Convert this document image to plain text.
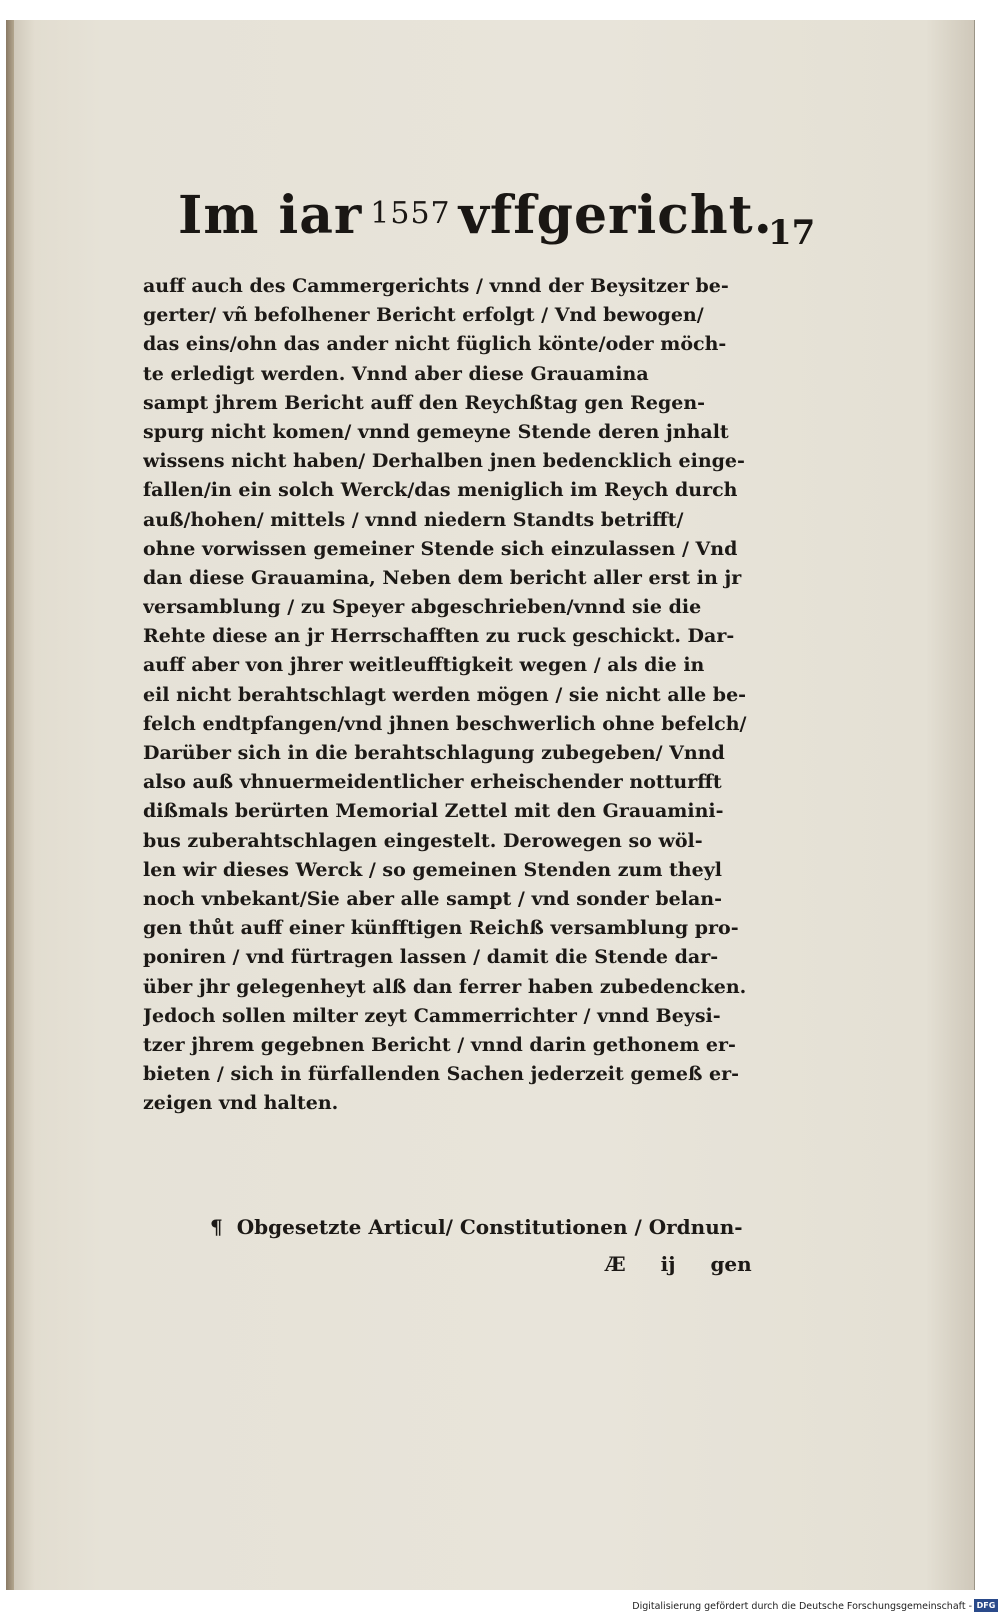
Im iar 1557 vffgericht.
17
auff auch des Cammergerichts / vnnd der Beysitzer be-
gerter/ vñ befolhener Bericht erfolgt / Vnd bewogen/
das eins/ohn das ander nicht füglich könte/oder möch-
te erledigt werden. Vnnd aber diese Grauamina
sampt jhrem Bericht auff den Reychßtag gen Regen-
spurg nicht komen/ vnnd gemeyne Stende deren jnhalt
wissens nicht haben/ Derhalben jnen bedencklich einge-
fallen/in ein solch Werck/das meniglich im Reych durch
auß/hohen/ mittels / vnnd niedern Standts betrifft/
ohne vorwissen gemeiner Stende sich einzulassen / Vnd
dan diese Grauamina, Neben dem bericht aller erst in jr
versamblung / zu Speyer abgeschrieben/vnnd sie die
Rehte diese an jr Herrschafften zu ruck geschickt. Dar-
auff aber von jhrer weitleufftigkeit wegen / als die in
eil nicht berahtschlagt werden mögen / sie nicht alle be-
felch endtpfangen/vnd jhnen beschwerlich ohne befelch/
Darüber sich in die berahtschlagung zubegeben/ Vnnd
also auß vhnuermeidentlicher erheischender notturfft
dißmals berürten Memorial Zettel mit den Grauamini-
bus zuberahtschlagen eingestelt. Derowegen so wöl-
len wir dieses Werck / so gemeinen Stenden zum theyl
noch vnbekant/Sie aber alle sampt / vnd sonder belan-
gen thůt auff einer künfftigen Reichß versamblung pro-
poniren / vnd fürtragen lassen / damit die Stende dar-
über jhr gelegenheyt alß dan ferrer haben zubedencken.
Jedoch sollen milter zeyt Cammerrichter / vnnd Beysi-
tzer jhrem gegebnen Bericht / vnnd darin gethonem er-
bieten / sich in fürfallenden Sachen jederzeit gemeß er-
zeigen vnd halten.
¶ Obgesetzte Articul/ Constitutionen / Ordnun-
Æ ij gen
Digitalisierung gefördert durch die Deutsche Forschungsgemeinschaft - DFG
